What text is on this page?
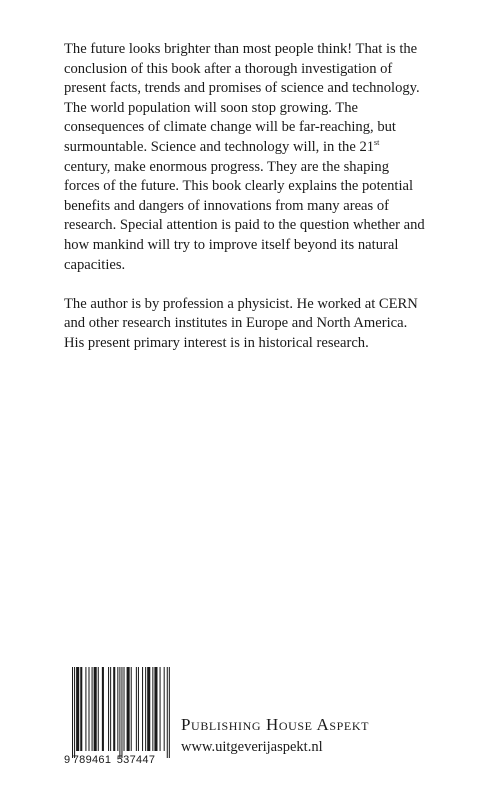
The future looks brighter than most people think! That is the conclusion of this book after a thorough investigation of present facts, trends and promises of science and technology.

The world population will soon stop growing. The consequences of climate change will be far-reaching, but surmountable. Science and technology will, in the 21st century, make enormous progress. They are the shaping forces of the future. This book clearly explains the potential benefits and dangers of innovations from many areas of research. Special attention is paid to the question whether and how mankind will try to improve itself beyond its natural capacities.

The author is by profession a physicist. He worked at CERN and other research institutes in Europe and North America. His present primary interest is in historical research.

9 789461 537447
Publishing House Aspekt
www.uitgeverijaspekt.nl
